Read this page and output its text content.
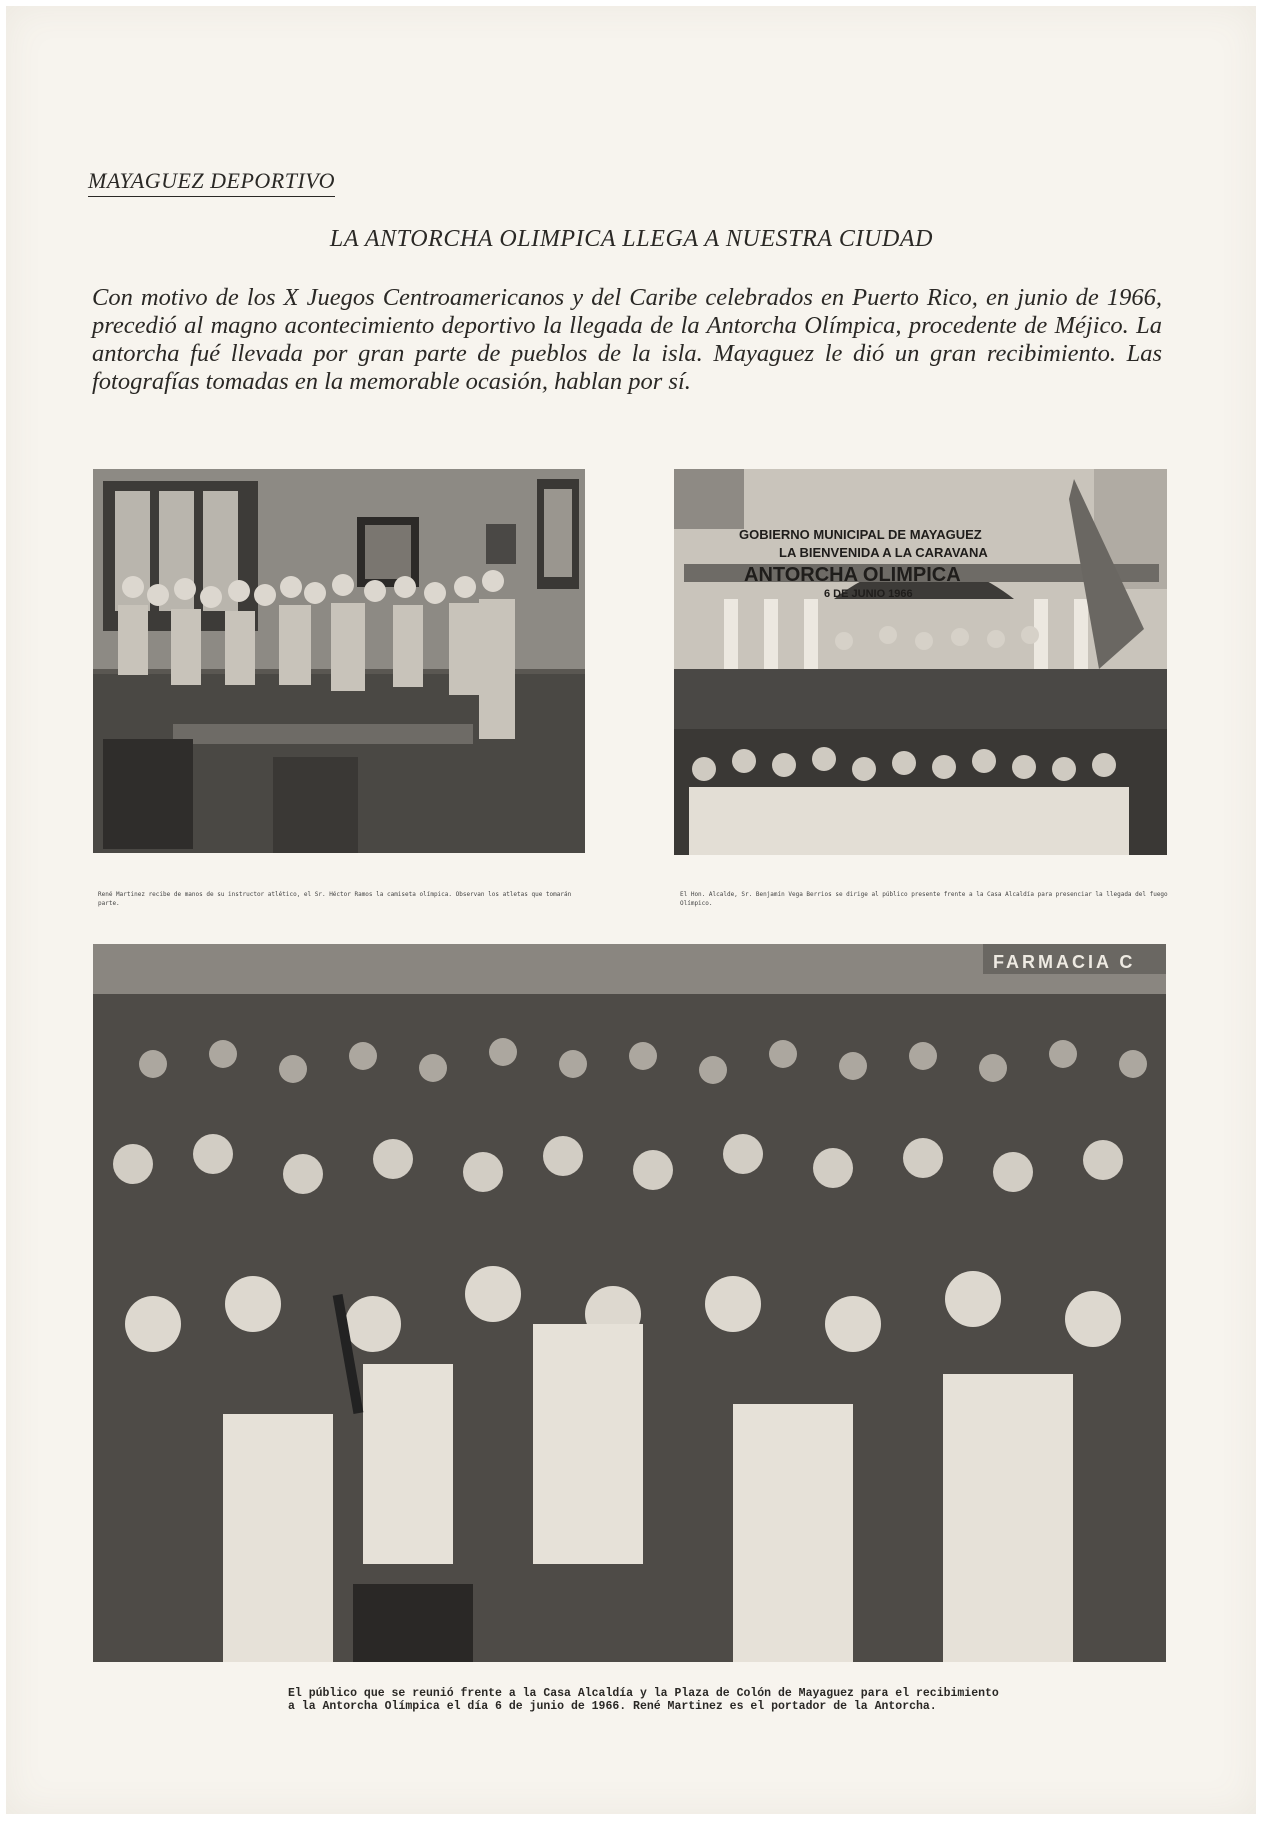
MAYAGUEZ DEPORTIVO
LA ANTORCHA OLIMPICA LLEGA A NUESTRA CIUDAD

Con motivo de los X Juegos Centroamericanos y del Caribe celebrados en Puerto Rico, en junio de 1966, precedió al magno acontecimiento deportivo la llegada de la Antorcha Olímpica, procedente de Méjico. La antorcha fué llevada por gran parte de pueblos de la isla. Mayaguez le dió un gran recibimiento. Las fotografías tomadas en la memorable ocasión, hablan por sí.

René Martinez recibe de manos de su instructor atlético, el Sr. Héctor Ramos la camiseta olímpica. Observan los atletas que tomarán parte.

GOBIERNO MUNICIPAL DE MAYAGUEZ
LA BIENVENIDA A LA CARAVANA
ANTORCHA OLIMPICA
6 DE JUNIO 1966

El Hon. Alcalde, Sr. Benjamín Vega Berrios se dirige al público presente frente a la Casa Alcaldía para presenciar la llegada del fuego Olímpico.

FARMACIA C

El público que se reunió frente a la Casa Alcaldía y la Plaza de Colón de Mayaguez para el recibimiento a la Antorcha Olímpica el día 6 de junio de 1966. René Martinez es el portador de la Antorcha.
